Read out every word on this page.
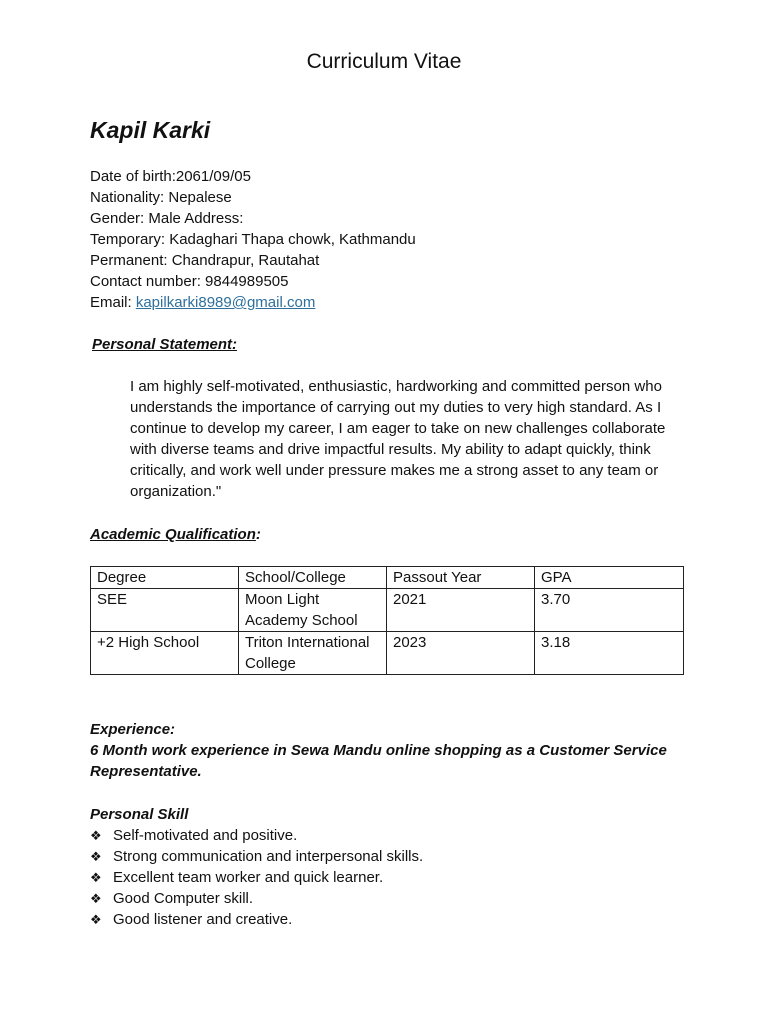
Curriculum Vitae
Kapil Karki
Date of birth:2061/09/05
Nationality: Nepalese
Gender: Male Address:
Temporary: Kadaghari Thapa chowk, Kathmandu
Permanent: Chandrapur, Rautahat
Contact number: 9844989505
Email: kapilkarki8989@gmail.com
Personal Statement:

I am highly self-motivated, enthusiastic, hardworking and committed person who understands the importance of carrying out my duties to very high standard. As I continue to develop my career, I am eager to take on new challenges collaborate with diverse teams and drive impactful results. My ability to adapt quickly, think critically, and work well under pressure makes me a strong asset to any team or organization."

Academic Qualification:
Degree	School/College	Passout Year	GPA
SEE	Moon Light Academy School	2021	3.70
+2 High School	Triton International College	2023	3.18
Experience:
6 Month work experience in Sewa Mandu online shopping as a Customer Service Representative.
Personal Skill
❖ Self-motivated and positive.
❖ Strong communication and interpersonal skills.
❖ Excellent team worker and quick learner.
❖ Good Computer skill.
❖ Good listener and creative.
